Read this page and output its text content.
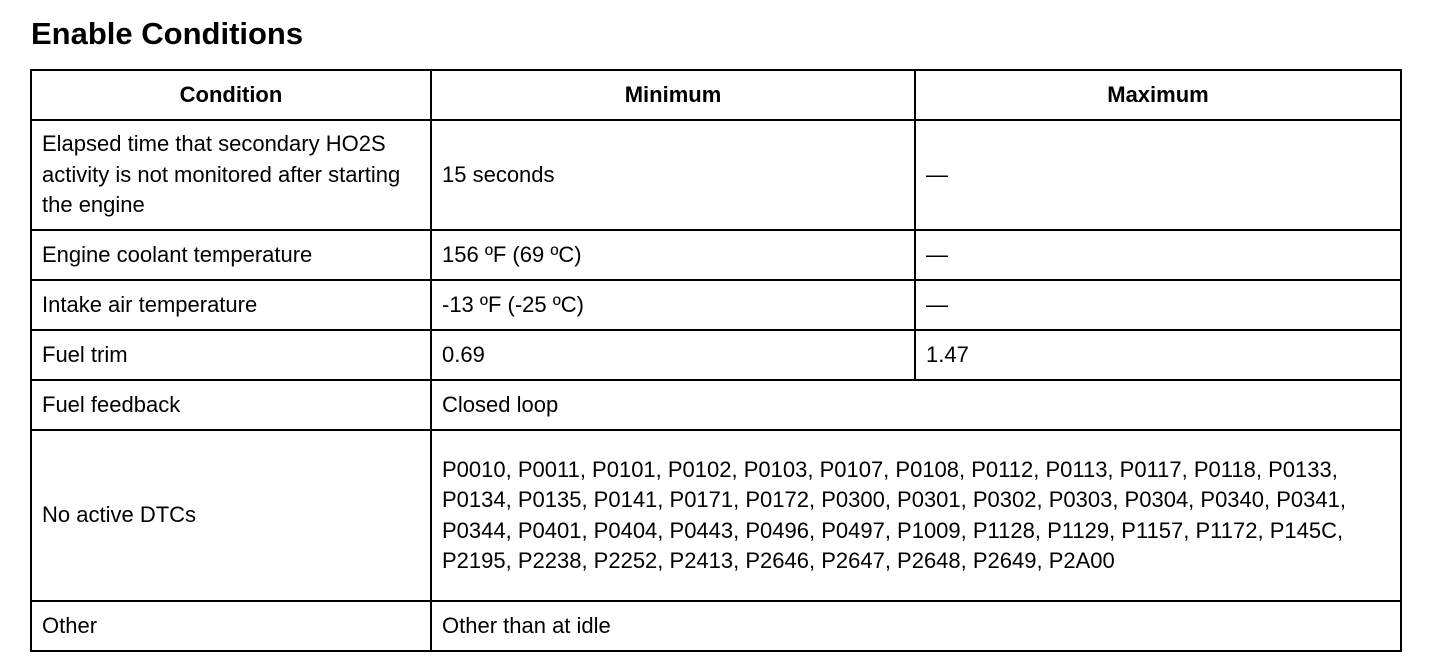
Enable Conditions
Condition	Minimum	Maximum
Elapsed time that secondary HO2S activity is not monitored after starting the engine	15 seconds	—
Engine coolant temperature	156 ºF (69 ºC)	—
Intake air temperature	-13 ºF (-25 ºC)	—
Fuel trim	0.69	1.47
Fuel feedback	Closed loop	
No active DTCs	P0010, P0011, P0101, P0102, P0103, P0107, P0108, P0112, P0113, P0117, P0118, P0133, P0134, P0135, P0141, P0171, P0172, P0300, P0301, P0302, P0303, P0304, P0340, P0341, P0344, P0401, P0404, P0443, P0496, P0497, P1009, P1128, P1129, P1157, P1172, P145C, P2195, P2238, P2252, P2413, P2646, P2647, P2648, P2649, P2A00	
Other	Other than at idle	
